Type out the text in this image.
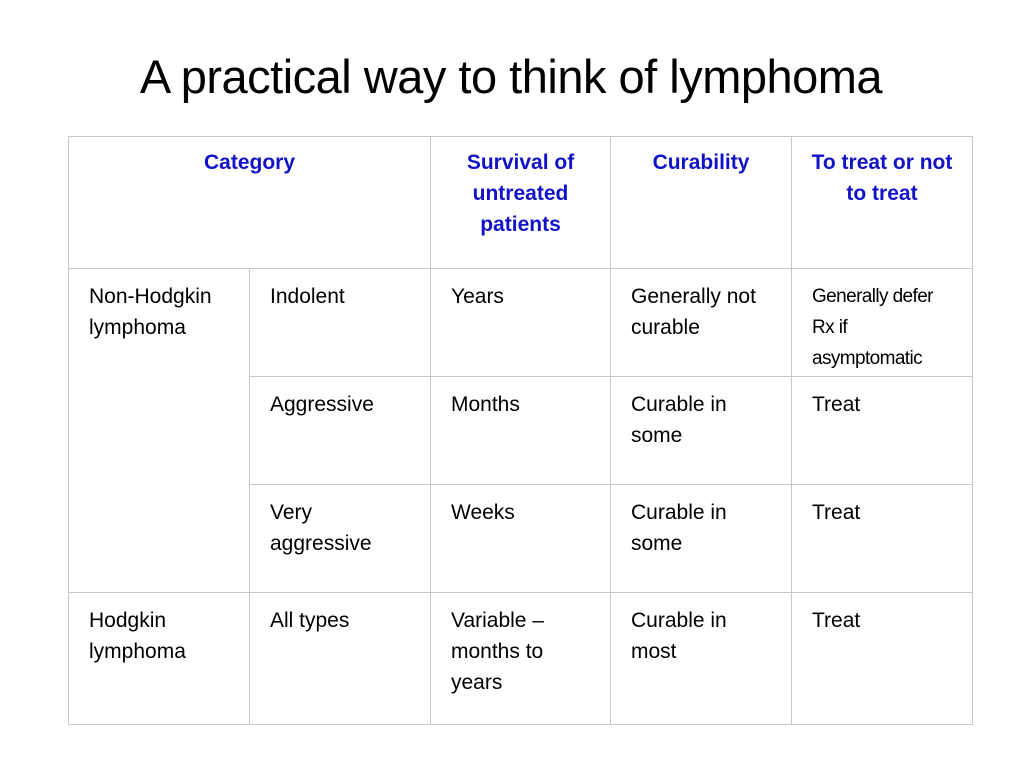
A practical way to think of lymphoma
Category		Survival of untreated patients	Curability	To treat or not to treat
Non-Hodgkin lymphoma	Indolent	Years	Generally not curable	Generally defer Rx if asymptomatic
	Aggressive	Months	Curable in some	Treat
	Very aggressive	Weeks	Curable in some	Treat
Hodgkin lymphoma	All types	Variable – months to years	Curable in most	Treat
